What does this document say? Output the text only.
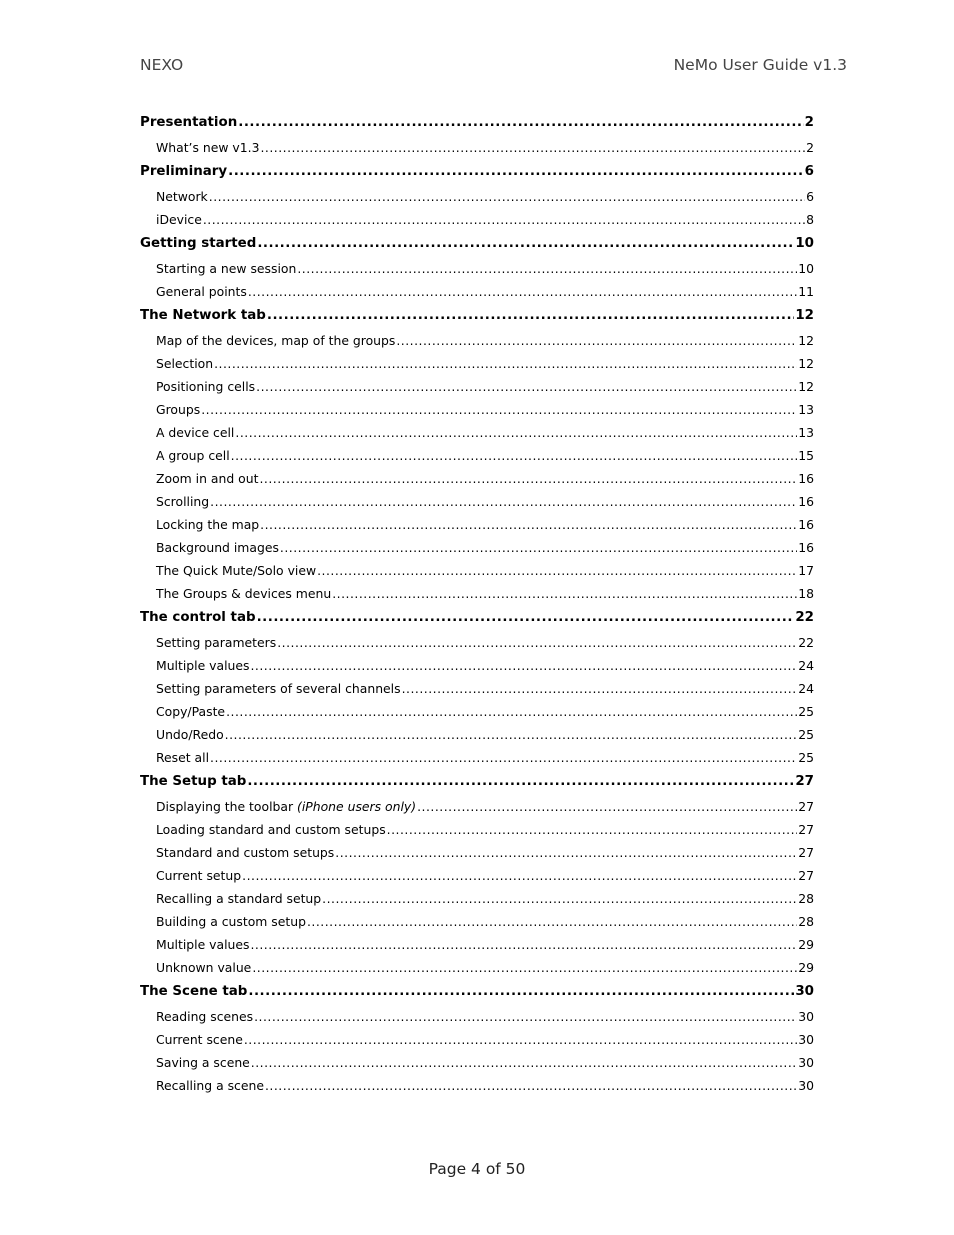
NEXO	NeMo User Guide v1.3
Presentation .....	2
What’s new v1.3 .....	2
Preliminary .....	6
Network .....	6
iDevice .....	8
Getting started .....	10
Starting a new session .....	10
General points .....	11
The Network tab .....	12
Map of the devices, map of the groups .....	12
Selection .....	12
Positioning cells .....	12
Groups .....	13
A device cell .....	13
A group cell .....	15
Zoom in and out .....	16
Scrolling .....	16
Locking the map .....	16
Background images .....	16
The Quick Mute/Solo view .....	17
The Groups & devices menu .....	18
The control tab .....	22
Setting parameters .....	22
Multiple values .....	24
Setting parameters of several channels .....	24
Copy/Paste .....	25
Undo/Redo .....	25
Reset all .....	25
The Setup tab .....	27
Displaying the toolbar (iPhone users only) .....	27
Loading standard and custom setups .....	27
Standard and custom setups .....	27
Current setup .....	27
Recalling a standard setup .....	28
Building a custom setup .....	28
Multiple values .....	29
Unknown value .....	29
The Scene tab .....	30
Reading scenes .....	30
Current scene .....	30
Saving a scene .....	30
Recalling a scene .....	30
Page 4 of 50
